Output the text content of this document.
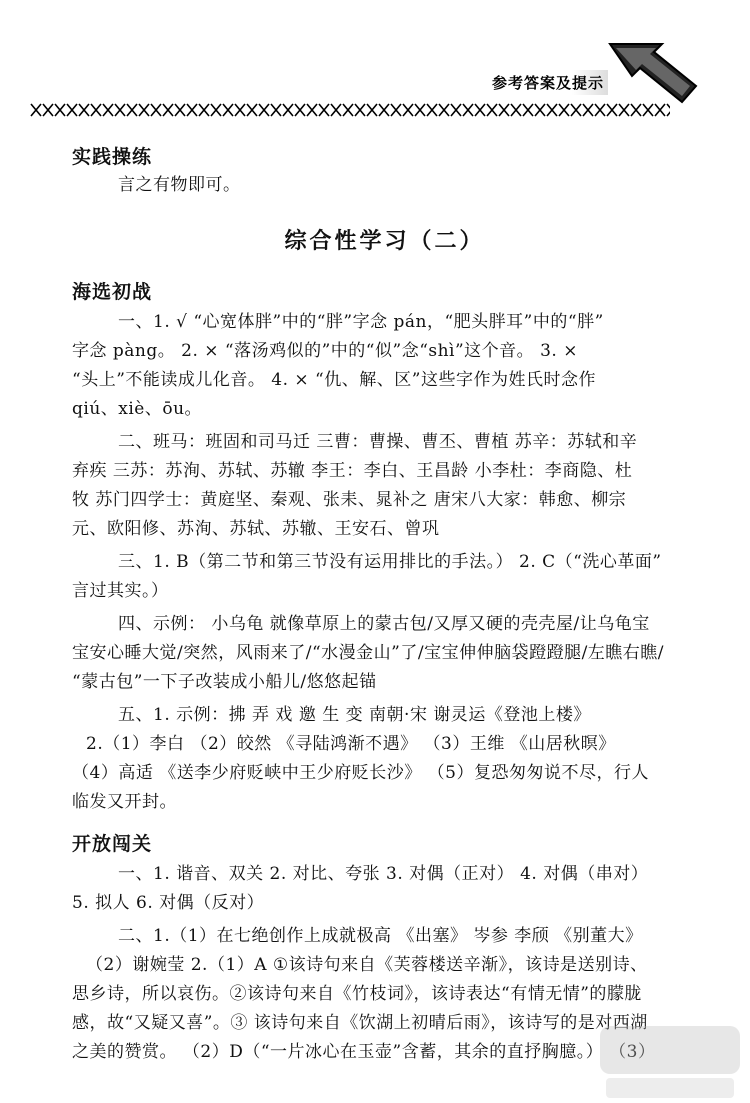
参考答案及提示

实践操练

言之有物即可。

综合性学习（二）

海选初战

一、1. √ “心宽体胖”中的“胖”字念 pán，“肥头胖耳”中的“胖”

字念 pàng。 2. × “落汤鸡似的”中的“似”念“shì”这个音。 3. ×

“头上”不能读成儿化音。 4. × “仇、解、区”这些字作为姓氏时念作

qiú、xiè、ōu。

二、班马：班固和司马迁 三曹：曹操、曹丕、曹植 苏辛：苏轼和辛

弃疾 三苏：苏洵、苏轼、苏辙 李王：李白、王昌龄 小李杜：李商隐、杜

牧 苏门四学士：黄庭坚、秦观、张耒、晁补之 唐宋八大家：韩愈、柳宗

元、欧阳修、苏洵、苏轼、苏辙、王安石、曾巩

三、1. B（第二节和第三节没有运用排比的手法。） 2. C（“洗心革面”

言过其实。）

四、示例： 小乌龟 就像草原上的蒙古包/又厚又硬的壳壳屋/让乌龟宝

宝安心睡大觉/突然，风雨来了/“水漫金山”了/宝宝伸伸脑袋蹬蹬腿/左瞧右瞧/

“蒙古包”一下子改装成小船儿/悠悠起锚

五、1. 示例：拂 弄 戏 邀 生 变 南朝·宋 谢灵运《登池上楼》

2.（1）李白 （2）皎然 《寻陆鸿渐不遇》 （3）王维 《山居秋暝》

（4）高适 《送李少府贬峡中王少府贬长沙》 （5）复恐匆匆说不尽，行人

临发又开封。

开放闯关

一、1. 谐音、双关 2. 对比、夸张 3. 对偶（正对） 4. 对偶（串对）

5. 拟人 6. 对偶（反对）

二、1.（1）在七绝创作上成就极高 《出塞》 岑参 李颀 《别董大》

（2）谢婉莹 2.（1）A ①该诗句来自《芙蓉楼送辛渐》，该诗是送别诗、

思乡诗，所以哀伤。②该诗句来自《竹枝词》，该诗表达“有情无情”的朦胧

感，故“又疑又喜”。③ 该诗句来自《饮湖上初晴后雨》，该诗写的是对西湖

之美的赞赏。 （2）D（“一片冰心在玉壶”含蓄，其余的直抒胸臆。） （3）
